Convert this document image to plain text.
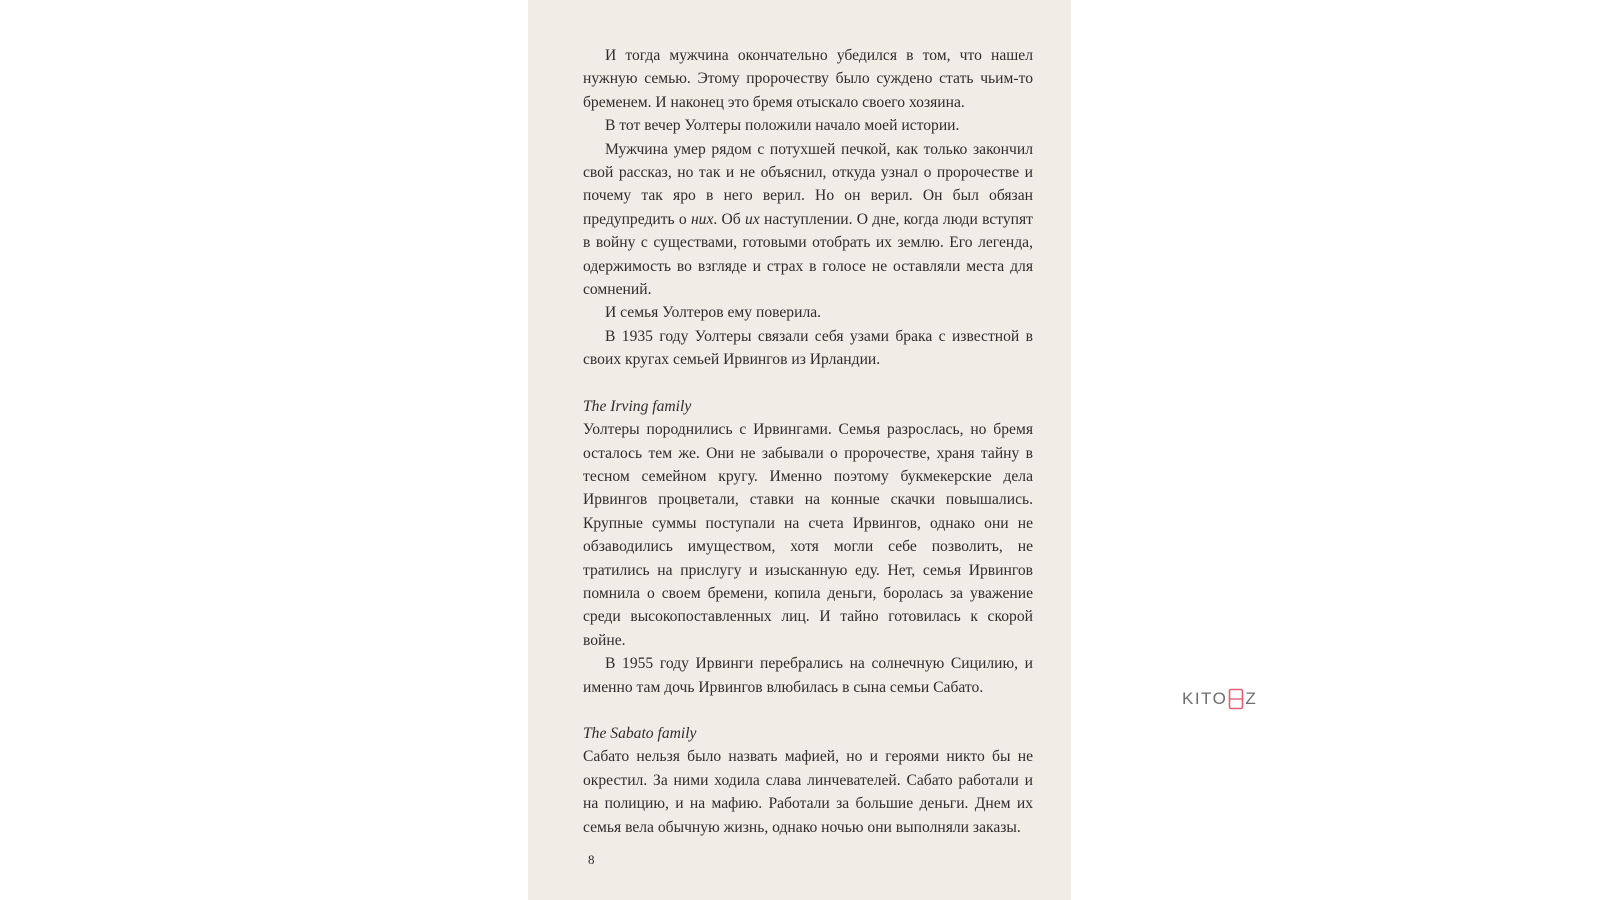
И тогда мужчина окончательно убедился в том, что нашел нужную семью. Этому пророчеству было суждено стать чьим-то бременем. И наконец это бремя отыскало своего хозяина.

В тот вечер Уолтеры положили начало моей истории.

Мужчина умер рядом с потухшей печкой, как только закончил свой рассказ, но так и не объяснил, откуда узнал о пророчестве и почему так яро в него верил. Но он верил. Он был обязан предупредить о них. Об их наступлении. О дне, когда люди вступят в войну с существами, готовыми отобрать их землю. Его легенда, одержимость во взгляде и страх в голосе не оставляли места для сомнений.

И семья Уолтеров ему поверила.

В 1935 году Уолтеры связали себя узами брака с известной в своих кругах семьей Ирвингов из Ирландии.

The Irving family

Уолтеры породнились с Ирвингами. Семья разрослась, но бремя осталось тем же. Они не забывали о пророчестве, храня тайну в тесном семейном кругу. Именно поэтому букмекерские дела Ирвингов процветали, ставки на конные скачки повышались. Крупные суммы поступали на счета Ирвингов, однако они не обзаводились имуществом, хотя могли себе позволить, не тратились на прислугу и изысканную еду. Нет, семья Ирвингов помнила о своем бремени, копила деньги, боролась за уважение среди высокопоставленных лиц. И тайно готовилась к скорой войне.

В 1955 году Ирвинги перебрались на солнечную Сицилию, и именно там дочь Ирвингов влюбилась в сына семьи Сабато.

The Sabato family

Сабато нельзя было назвать мафией, но и героями никто бы не окрестил. За ними ходила слава линчевателей. Сабато работали и на полицию, и на мафию. Работали за большие деньги. Днем их семья вела обычную жизнь, однако ночью они выполняли заказы.

8
KITO Z
